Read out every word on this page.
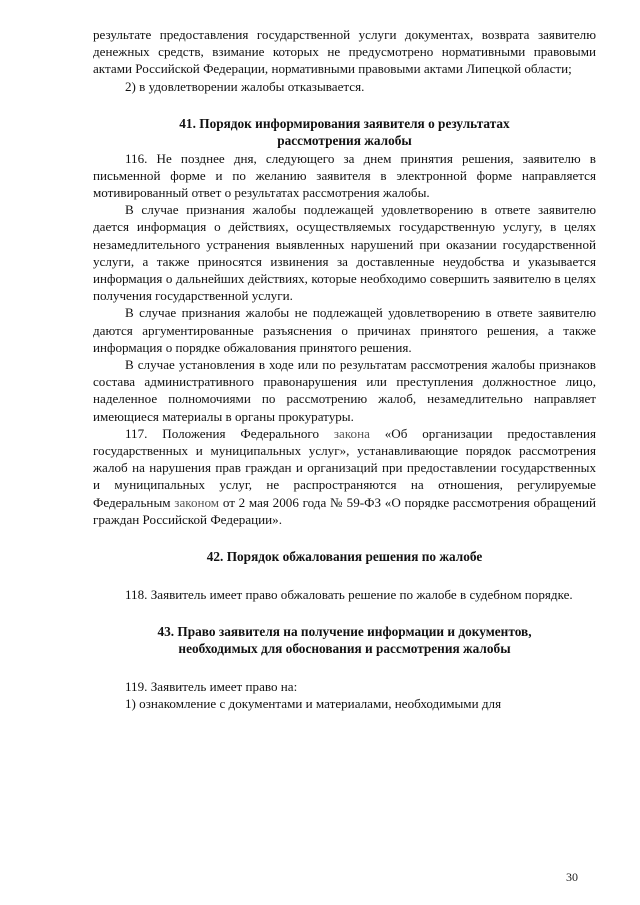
результате предоставления государственной услуги документах, возврата заявителю денежных средств, взимание которых не предусмотрено нормативными правовыми актами Российской Федерации, нормативными правовыми актами Липецкой области;

2) в удовлетворении жалобы отказывается.

41. Порядок информирования заявителя о результатах
рассмотрения жалобы

116. Не позднее дня, следующего за днем принятия решения, заявителю в письменной форме и по желанию заявителя в электронной форме направляется мотивированный ответ о результатах рассмотрения жалобы.

В случае признания жалобы подлежащей удовлетворению в ответе заявителю дается информация о действиях, осуществляемых государственную услугу, в целях незамедлительного устранения выявленных нарушений при оказании государственной услуги, а также приносятся извинения за доставленные неудобства и указывается информация о дальнейших действиях, которые необходимо совершить заявителю в целях получения государственной услуги.

В случае признания жалобы не подлежащей удовлетворению в ответе заявителю даются аргументированные разъяснения о причинах принятого решения, а также информация о порядке обжалования принятого решения.

В случае установления в ходе или по результатам рассмотрения жалобы признаков состава административного правонарушения или преступления должностное лицо, наделенное полномочиями по рассмотрению жалоб, незамедлительно направляет имеющиеся материалы в органы прокуратуры.

117. Положения Федерального закона «Об организации предоставления государственных и муниципальных услуг», устанавливающие порядок рассмотрения жалоб на нарушения прав граждан и организаций при предоставлении государственных и муниципальных услуг, не распространяются на отношения, регулируемые Федеральным законом от 2 мая 2006 года № 59-ФЗ «О порядке рассмотрения обращений граждан Российской Федерации».

42. Порядок обжалования решения по жалобе

118. Заявитель имеет право обжаловать решение по жалобе в судебном порядке.

43. Право заявителя на получение информации и документов,
необходимых для обоснования и рассмотрения жалобы

119. Заявитель имеет право на:

1) ознакомление с документами и материалами, необходимыми для

30
